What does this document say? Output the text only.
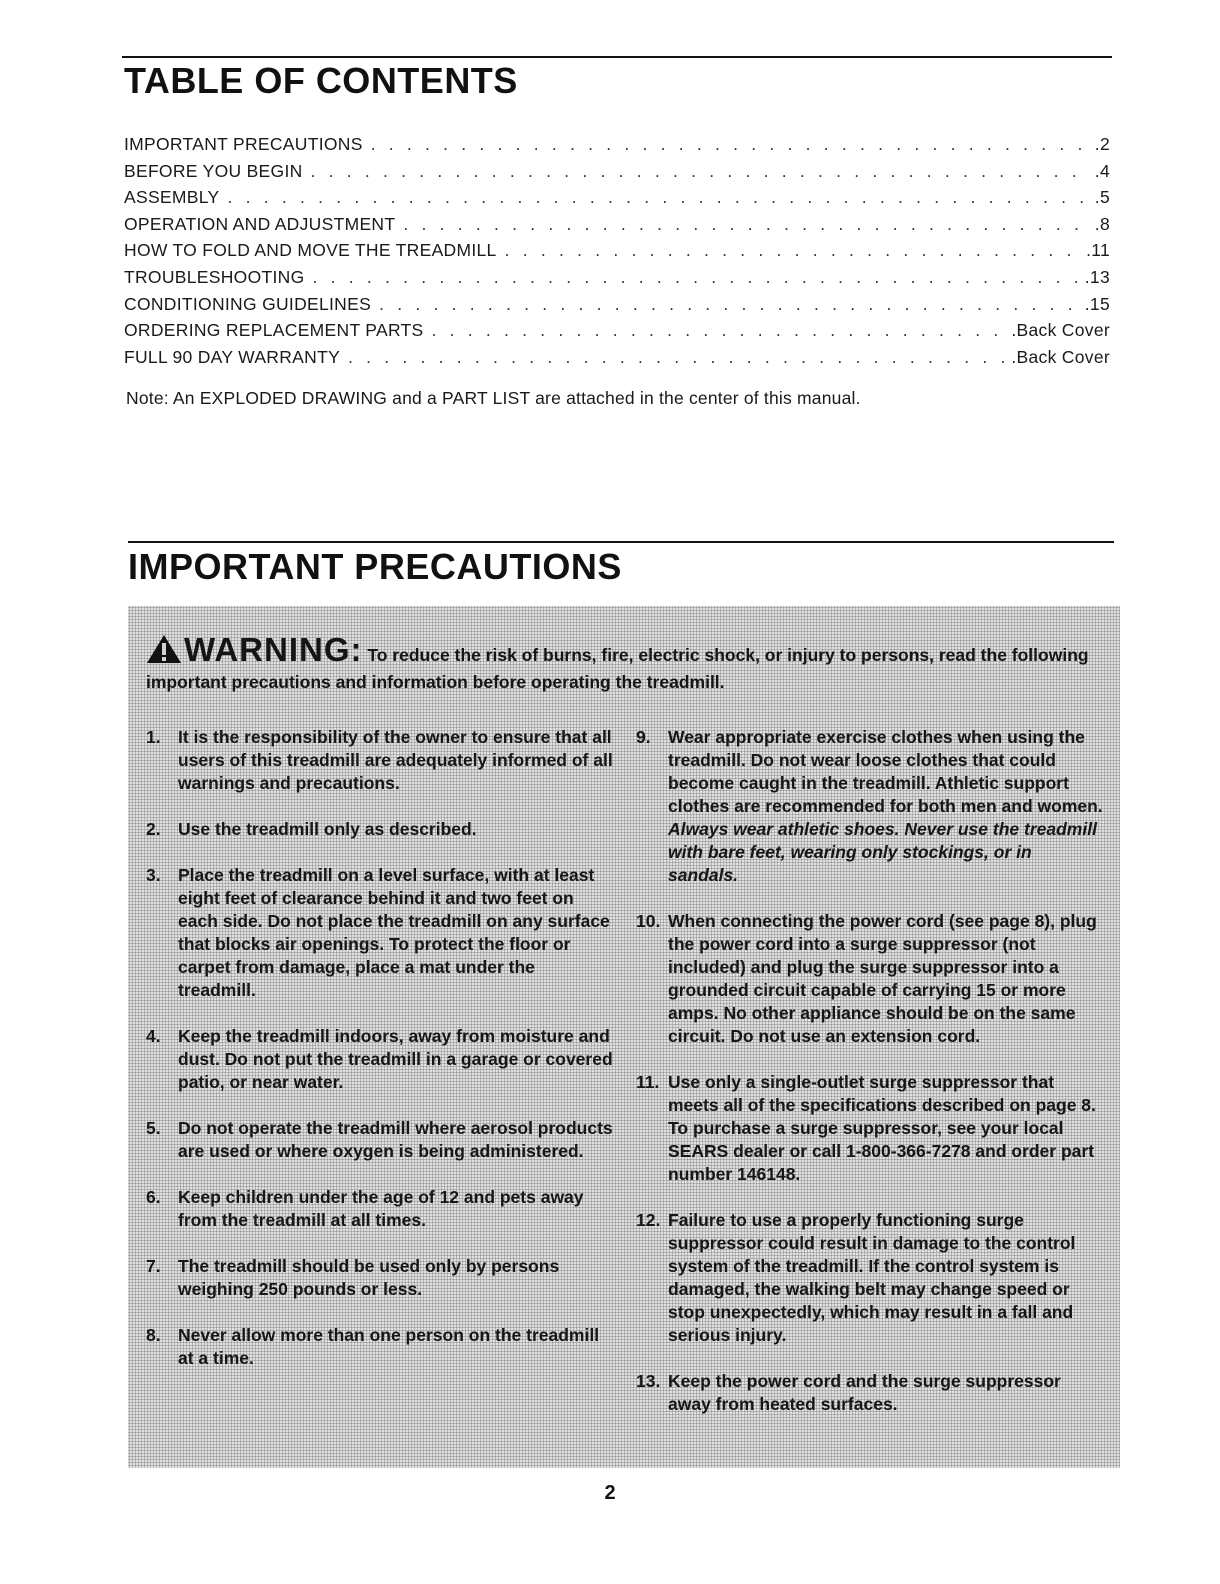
TABLE OF CONTENTS
IMPORTANT PRECAUTIONS . . .	.2
BEFORE YOU BEGIN . . .	.4
ASSEMBLY . . .	.5
OPERATION AND ADJUSTMENT . . .	.8
HOW TO FOLD AND MOVE THE TREADMILL . . .	.11
TROUBLESHOOTING . . .	.13
CONDITIONING GUIDELINES . . .	.15
ORDERING REPLACEMENT PARTS . . .	.Back Cover
FULL 90 DAY WARRANTY . . .	.Back Cover
Note: An EXPLODED DRAWING and a PART LIST are attached in the center of this manual.
IMPORTANT PRECAUTIONS
WARNING: To reduce the risk of burns, fire, electric shock, or injury to persons, read the following important precautions and information before operating the treadmill.
1. It is the responsibility of the owner to ensure that all users of this treadmill are adequately informed of all warnings and precautions.
2. Use the treadmill only as described.
3. Place the treadmill on a level surface, with at least eight feet of clearance behind it and two feet on each side. Do not place the treadmill on any surface that blocks air openings. To protect the floor or carpet from damage, place a mat under the treadmill.
4. Keep the treadmill indoors, away from moisture and dust. Do not put the treadmill in a garage or covered patio, or near water.
5. Do not operate the treadmill where aerosol products are used or where oxygen is being administered.
6. Keep children under the age of 12 and pets away from the treadmill at all times.
7. The treadmill should be used only by persons weighing 250 pounds or less.
8. Never allow more than one person on the treadmill at a time.
9. Wear appropriate exercise clothes when using the treadmill. Do not wear loose clothes that could become caught in the treadmill. Athletic support clothes are recommended for both men and women. Always wear athletic shoes. Never use the treadmill with bare feet, wearing only stockings, or in sandals.
10. When connecting the power cord (see page 8), plug the power cord into a surge suppressor (not included) and plug the surge suppressor into a grounded circuit capable of carrying 15 or more amps. No other appliance should be on the same circuit. Do not use an extension cord.
11. Use only a single-outlet surge suppressor that meets all of the specifications described on page 8. To purchase a surge suppressor, see your local SEARS dealer or call 1-800-366-7278 and order part number 146148.
12. Failure to use a properly functioning surge suppressor could result in damage to the control system of the treadmill. If the control system is damaged, the walking belt may change speed or stop unexpectedly, which may result in a fall and serious injury.
13. Keep the power cord and the surge suppressor away from heated surfaces.
2
